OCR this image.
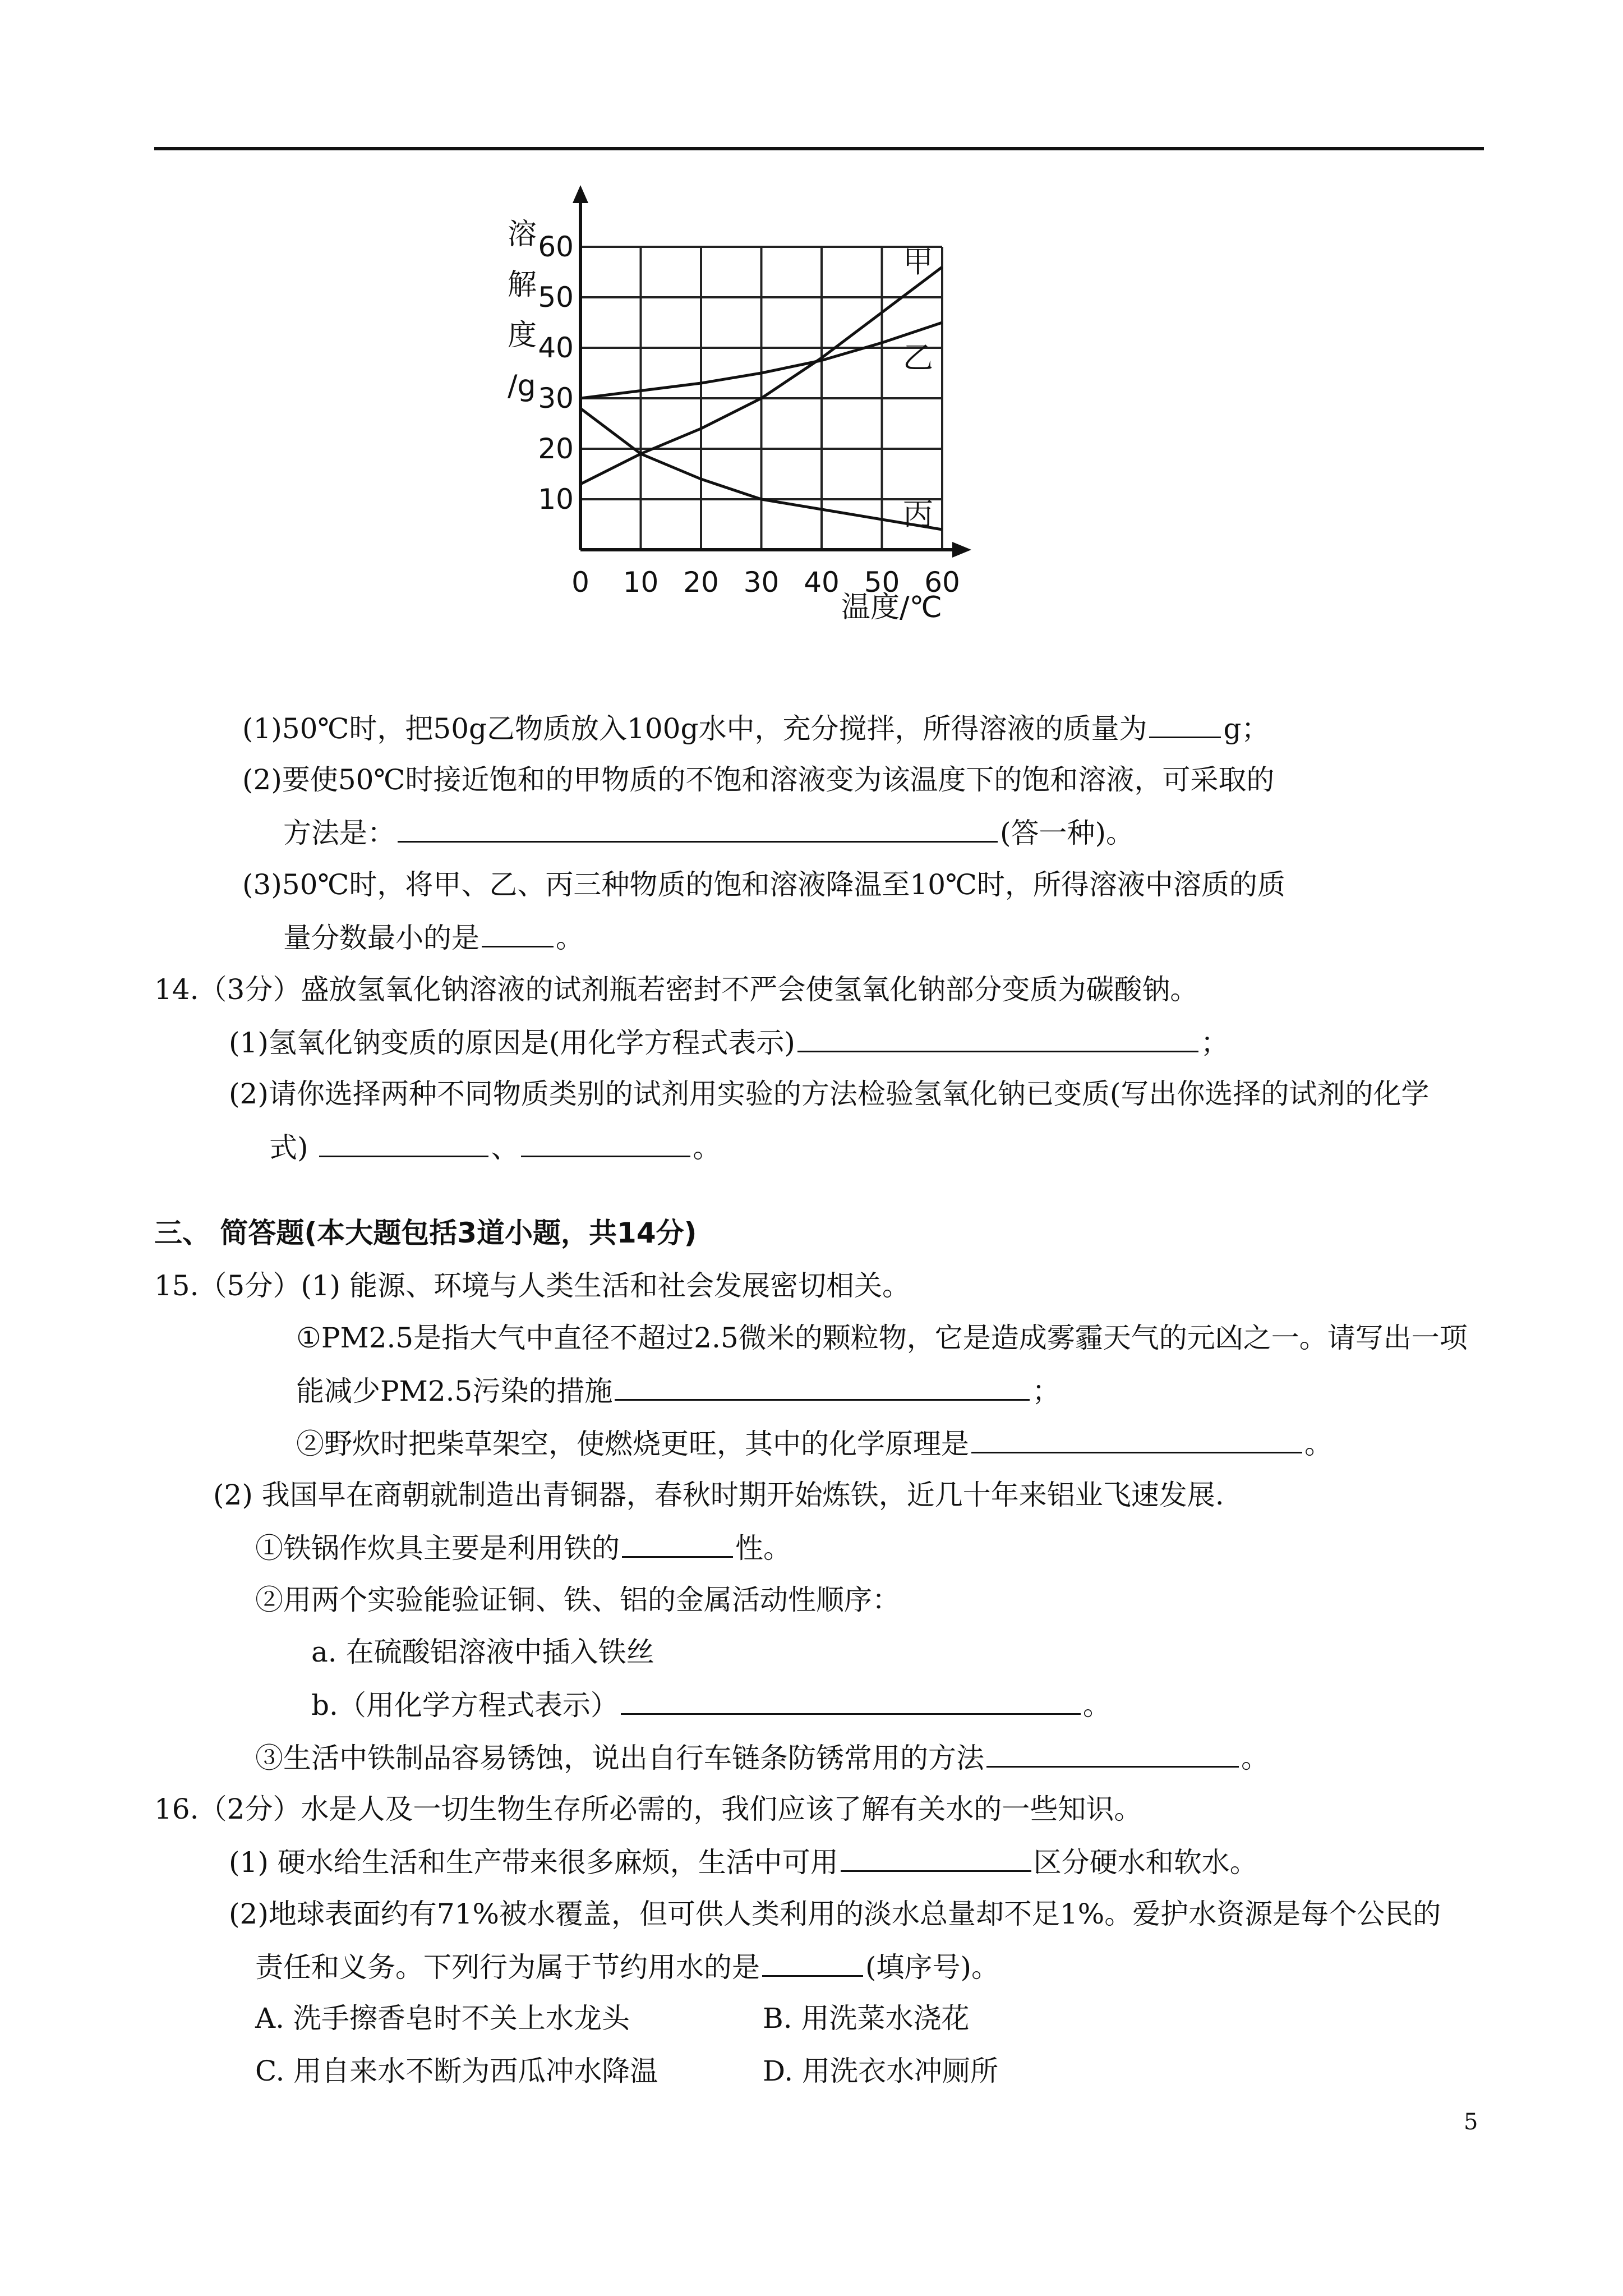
0 10 20 30 40 50 60
10
20
30
40
50
60
溶
解
度
/g
温度/℃
甲
乙
丙
(1)50℃时，把50g乙物质放入100g水中，充分搅拌，所得溶液的质量为	g；
(2)要使50℃时接近饱和的甲物质的不饱和溶液变为该温度下的饱和溶液，可采取的
方法是：	(答一种)。
(3)50℃时，将甲、乙、丙三种物质的饱和溶液降温至10℃时，所得溶液中溶质的质
量分数最小的是	。
14.（3分）盛放氢氧化钠溶液的试剂瓶若密封不严会使氢氧化钠部分变质为碳酸钠。
(1)氢氧化钠变质的原因是(用化学方程式表示)	；
(2)请你选择两种不同物质类别的试剂用实验的方法检验氢氧化钠已变质(写出你选择的试剂的化学
式)	、	。
三、 简答题(本大题包括3道小题，共14分)
15.（5分）(1) 能源、环境与人类生活和社会发展密切相关。
①PM2.5是指大气中直径不超过2.5微米的颗粒物，它是造成雾霾天气的元凶之一。请写出一项
能减少PM2.5污染的措施	；
②野炊时把柴草架空，使燃烧更旺，其中的化学原理是	。
(2) 我国早在商朝就制造出青铜器，春秋时期开始炼铁，近几十年来铝业飞速发展.
①铁锅作炊具主要是利用铁的	性。
②用两个实验能验证铜、铁、铝的金属活动性顺序：
a. 在硫酸铝溶液中插入铁丝
b.（用化学方程式表示）	。
③生活中铁制品容易锈蚀，说出自行车链条防锈常用的方法	。
16.（2分）水是人及一切生物生存所必需的，我们应该了解有关水的一些知识。
(1) 硬水给生活和生产带来很多麻烦，生活中可用	区分硬水和软水。
(2)地球表面约有71%被水覆盖，但可供人类利用的淡水总量却不足1%。爱护水资源是每个公民的
责任和义务。下列行为属于节约用水的是	(填序号)。
A. 洗手擦香皂时不关上水龙头	B. 用洗菜水浇花
C. 用自来水不断为西瓜冲水降温	D. 用洗衣水冲厕所
5
